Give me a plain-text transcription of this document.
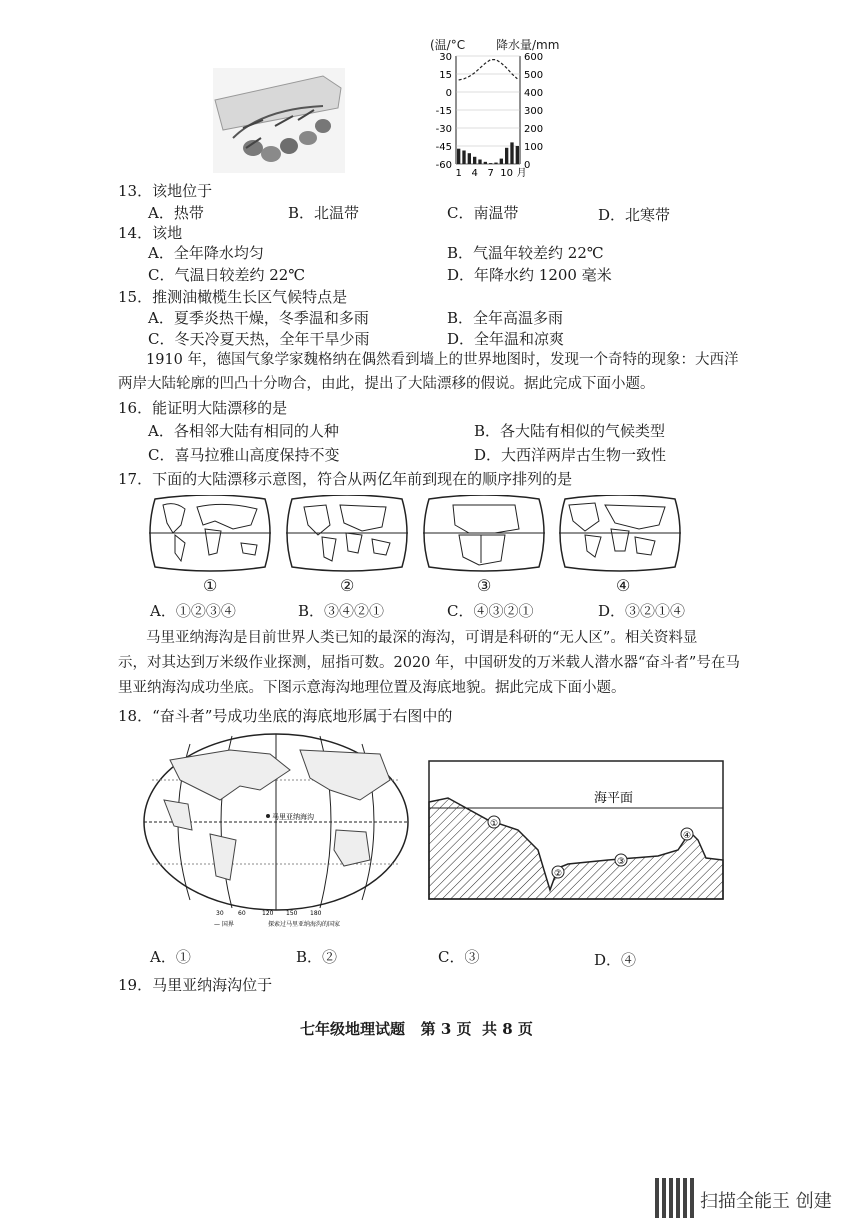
(温/°C	降水量/mm
30
15
0
-15
-30
-45
-60
600
500
400
300
200
100
0
1 4 7 10 月
13．该地位于
A．热带	B．北温带	C．南温带	D．北寒带
14．该地
A．全年降水均匀	B．气温年较差约 22℃
C．气温日较差约 22℃	D．年降水约 1200 毫米
15．推测油橄榄生长区气候特点是
A．夏季炎热干燥，冬季温和多雨	B．全年高温多雨
C．冬天冷夏天热，全年干旱少雨	D．全年温和凉爽
1910 年，德国气象学家魏格纳在偶然看到墙上的世界地图时，发现一个奇特的现象：大西洋
两岸大陆轮廓的凹凸十分吻合，由此，提出了大陆漂移的假说。据此完成下面小题。
16．能证明大陆漂移的是
A．各相邻大陆有相同的人种	B．各大陆有相似的气候类型
C．喜马拉雅山高度保持不变	D．大西洋两岸古生物一致性
17．下面的大陆漂移示意图，符合从两亿年前到现在的顺序排列的是
①	②	③	④
A．①②③④	B．③④②①	C．④③②①	D．③②①④
马里亚纳海沟是目前世界人类已知的最深的海沟，可谓是科研的“无人区”。相关资料显
示，对其达到万米级作业探测，屈指可数。2020 年，中国研发的万米载人潜水器“奋斗者”号在马
里亚纳海沟成功坐底。下图示意海沟地理位置及海底地貌。据此完成下面小题。
18．“奋斗者”号成功坐底的海底地形属于右图中的
马里亚纳海沟
30 60	120 150 180
— 国界	探索过马里亚纳海沟的国家
海平面
①
②
③
④
A．①	B．②	C．③	D．④
19．马里亚纳海沟位于
七年级地理试题   第 3 页  共 8 页
扫描全能王 创建
